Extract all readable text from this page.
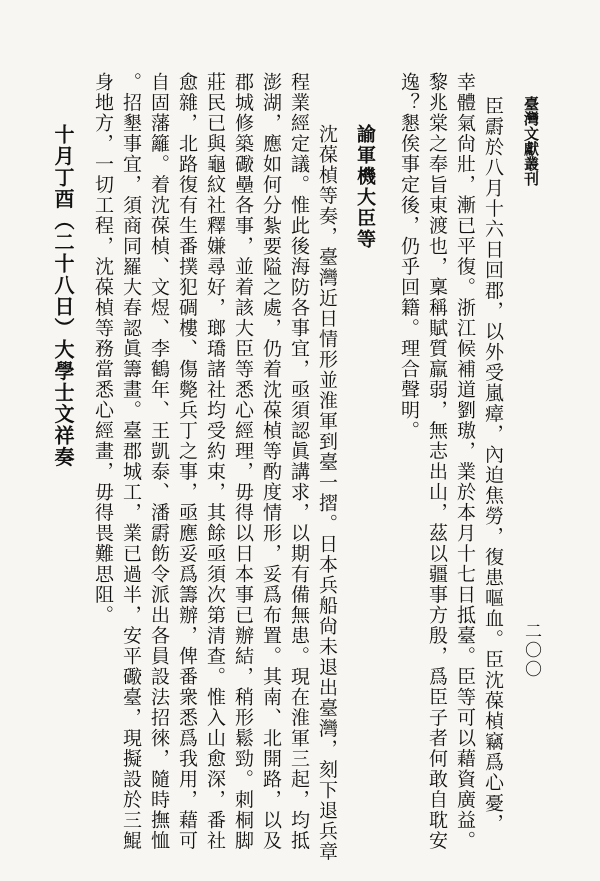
臺灣文獻叢刊
二〇〇
臣霨於八月十六日回郡，以外受嵐瘴，內迫焦勞，復患嘔血。臣沈葆楨竊爲心憂，
幸體氣尙壯，漸已平復。浙江候補道劉璈，業於本月十七日抵臺。臣等可以藉資廣益。
黎兆棠之奉旨東渡也，稟稱賦質羸弱，無志出山，茲以疆事方殷，爲臣子者何敢自耽安
逸？懇俟事定後，仍乎回籍。理合聲明。
諭軍機大臣等
沈葆楨等奏，臺灣近日情形並淮軍到臺一摺。日本兵船尙未退出臺灣，刻下退兵章
程業經定議。惟此後海防各事宜，亟須認眞講求，以期有備無患。現在淮軍三起，均抵
澎湖，應如何分紮要隘之處，仍着沈葆楨等酌度情形，妥爲布置。其南、北開路，以及
郡城修築礮壘各事，並着該大臣等悉心經理，毋得以日本事已辦結，稍形鬆勁。刺桐脚
莊民已與龜紋社釋嫌尋好，瑯𤩝諸社均受約束，其餘亟須次第清查。惟入山愈深，番社
愈雜，北路復有生番撲犯碉樓、傷斃兵丁之事，亟應妥爲籌辦，俾番衆悉爲我用，藉可
自固藩籬。着沈葆楨、文煜、李鶴年、王凱泰、潘霨飭令派出各員設法招徠，隨時撫恤
。招墾事宜，須商同羅大春認眞籌畫。臺郡城工，業已過半，安平礮臺，現擬設於三鯤
身地方，一切工程，沈葆楨等務當悉心經畫，毋得畏難思阻。
十月丁酉（二十八日）大學士文祥奏
